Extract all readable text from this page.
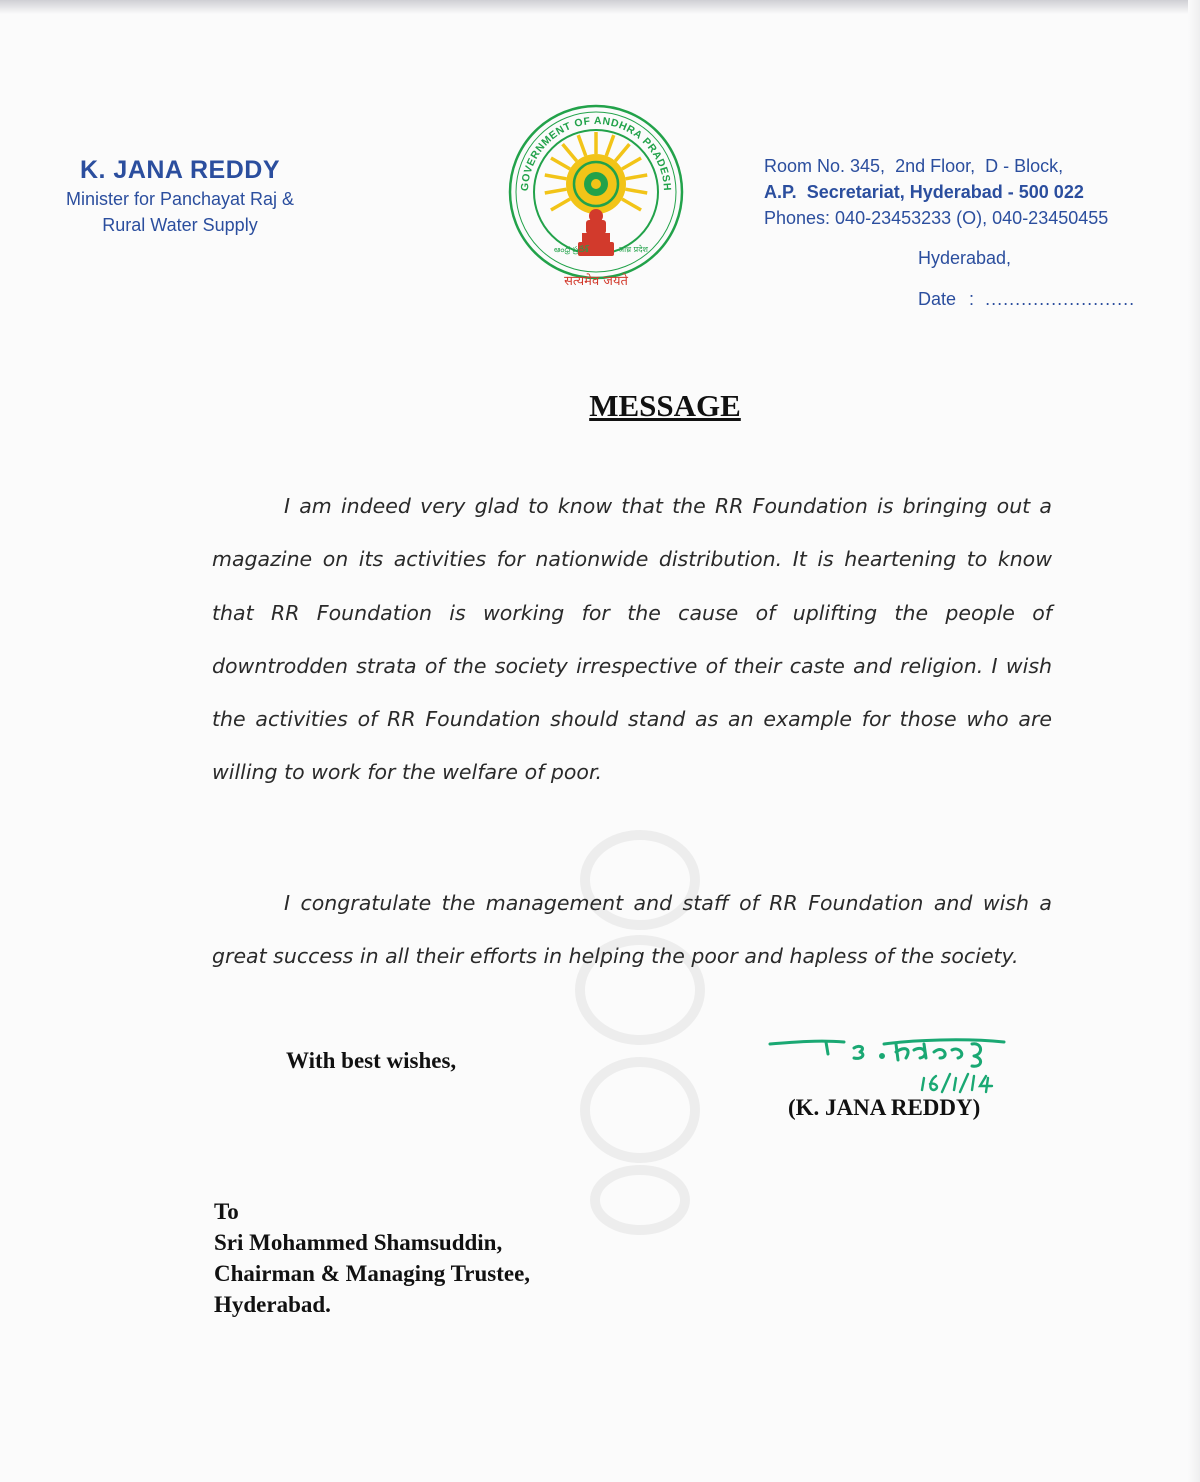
K. JANA REDDY
Minister for Panchayat Raj &
Rural Water Supply
GOVERNMENT OF ANDHRA PRADESH
ఆంధ్ర ప్రదేశ్	आंध्र प्रदेश
सत्यमेव जयते
Room No. 345,  2nd Floor,  D - Block,
A.P.  Secretariat, Hyderabad - 500 022
Phones: 040-23453233 (O), 040-23450455
Hyderabad,
Date : .........................
MESSAGE

I am indeed very glad to know that the RR Foundation is bringing out a magazine on its activities for nationwide distribution. It is heartening to know that RR Foundation is working for the cause of uplifting the people of downtrodden strata of the society irrespective of their caste and religion. I wish the activities of RR Foundation should stand as an example for those who are willing to work for the welfare of poor.

I congratulate the management and staff of RR Foundation and wish a great success in all their efforts in helping the poor and hapless of the society.

With best wishes,
(K. JANA REDDY)
To
Sri Mohammed Shamsuddin,
Chairman & Managing Trustee,
Hyderabad.
